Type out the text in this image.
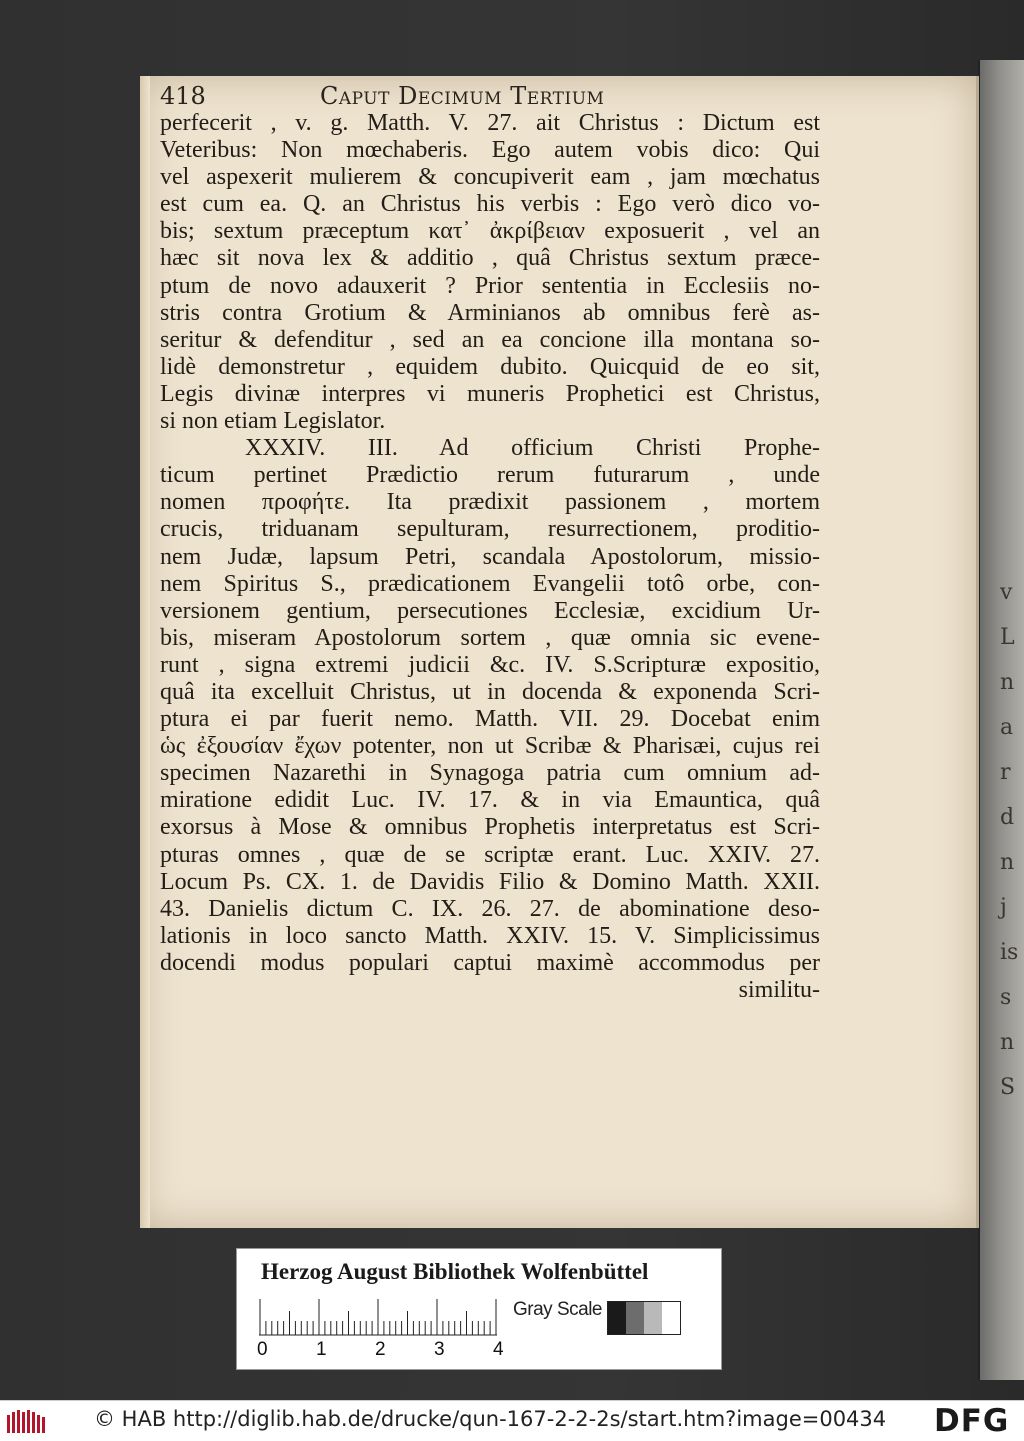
v
L
n
a
r
d
n
j
is
s
n
S
418	Caput Decimum Tertium
perfecerit , v. g. Matth. V. 27. ait Christus : Dictum est
Veteribus: Non mœchaberis. Ego autem vobis dico: Qui
vel aspexerit mulierem & concupiverit eam , jam mœchatus
est cum ea. Q. an Christus his verbis : Ego verò dico vo-
bis; sextum præceptum κατ᾽ ἀκρίβειαν exposuerit , vel an
hæc sit nova lex & additio , quâ Christus sextum præce-
ptum de novo adauxerit ? Prior sententia in Ecclesiis no-
stris contra Grotium & Arminianos ab omnibus ferè as-
seritur & defenditur , sed an ea concione illa montana so-
lidè demonstretur , equidem dubito. Quicquid de eo sit,
Legis divinæ interpres vi muneris Prophetici est Christus,
si non etiam Legislator.
XXXIV. III. Ad officium Christi Prophe-
ticum pertinet Prædictio rerum futurarum , unde
nomen προφήτε. Ita prædixit passionem , mortem
crucis, triduanam sepulturam, resurrectionem, proditio-
nem Judæ, lapsum Petri, scandala Apostolorum, missio-
nem Spiritus S., prædicationem Evangelii totô orbe, con-
versionem gentium, persecutiones Ecclesiæ, excidium Ur-
bis, miseram Apostolorum sortem , quæ omnia sic evene-
runt , signa extremi judicii &c. IV. S.Scripturæ expositio,
quâ ita excelluit Christus, ut in docenda & exponenda Scri-
ptura ei par fuerit nemo. Matth. VII. 29. Docebat enim
ὡς ἐξουσίαν ἔχων potenter, non ut Scribæ & Pharisæi, cujus rei
specimen Nazarethi in Synagoga patria cum omnium ad-
miratione edidit Luc. IV. 17. & in via Emauntica, quâ
exorsus à Mose & omnibus Prophetis interpretatus est Scri-
pturas omnes , quæ de se scriptæ erant. Luc. XXIV. 27.
Locum Ps. CX. 1. de Davidis Filio & Domino Matth. XXII.
43. Danielis dictum C. IX. 26. 27. de abominatione deso-
lationis in loco sancto Matth. XXIV. 15. V. Simplicissimus
docendi modus populari captui maximè accommodus per
similitu-
Herzog August Bibliothek Wolfenbüttel
Gray Scale
0	1	2	3	4
© HAB http://diglib.hab.de/drucke/qun-167-2-2-2s/start.htm?image=00434 DFG
